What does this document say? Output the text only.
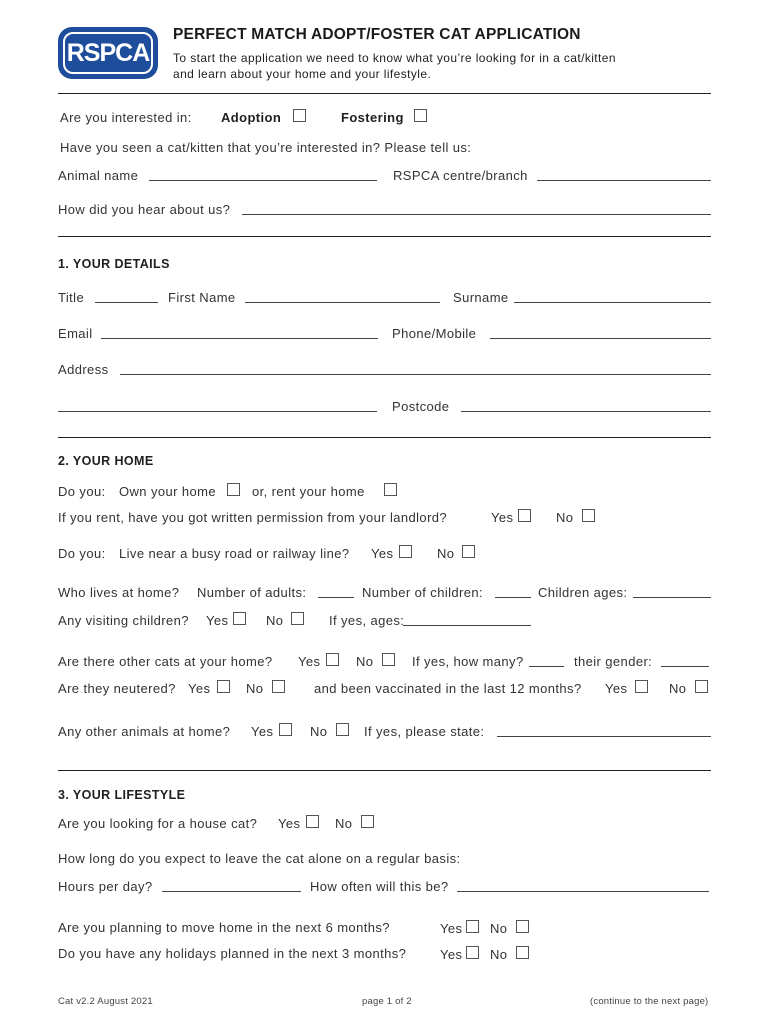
RSPCA
PERFECT MATCH ADOPT/FOSTER CAT APPLICATION
To start the application we need to know what you’re looking for in a cat/kitten
and learn about your home and your lifestyle.
Are you interested in: Adoption	Fostering
Have you seen a cat/kitten that you’re interested in? Please tell us:
Animal name	RSPCA centre/branch
How did you hear about us?
1. YOUR DETAILS
Title	First Name	Surname
Email	Phone/Mobile
Address
Postcode
2. YOUR HOME
Do you: Own your home	or, rent your home
If you rent, have you got written permission from your landlord?	Yes	No
Do you: Live near a busy road or railway line? Yes	No
Who lives at home? Number of adults:	Number of children:	Children ages:
Any visiting children? Yes	No	If yes, ages:
Are there other cats at your home? Yes	No	If yes, how many?	their gender:
Are they neutered? Yes	No	and been vaccinated in the last 12 months? Yes	No
Any other animals at home? Yes	No	If yes, please state:
3. YOUR LIFESTYLE
Are you looking for a house cat? Yes	No
How long do you expect to leave the cat alone on a regular basis:
Hours per day?	How often will this be?
Are you planning to move home in the next 6 months?	Yes No
Do you have any holidays planned in the next 3 months?	Yes No
Cat v2.2 August 2021	page 1 of 2	(continue to the next page)
